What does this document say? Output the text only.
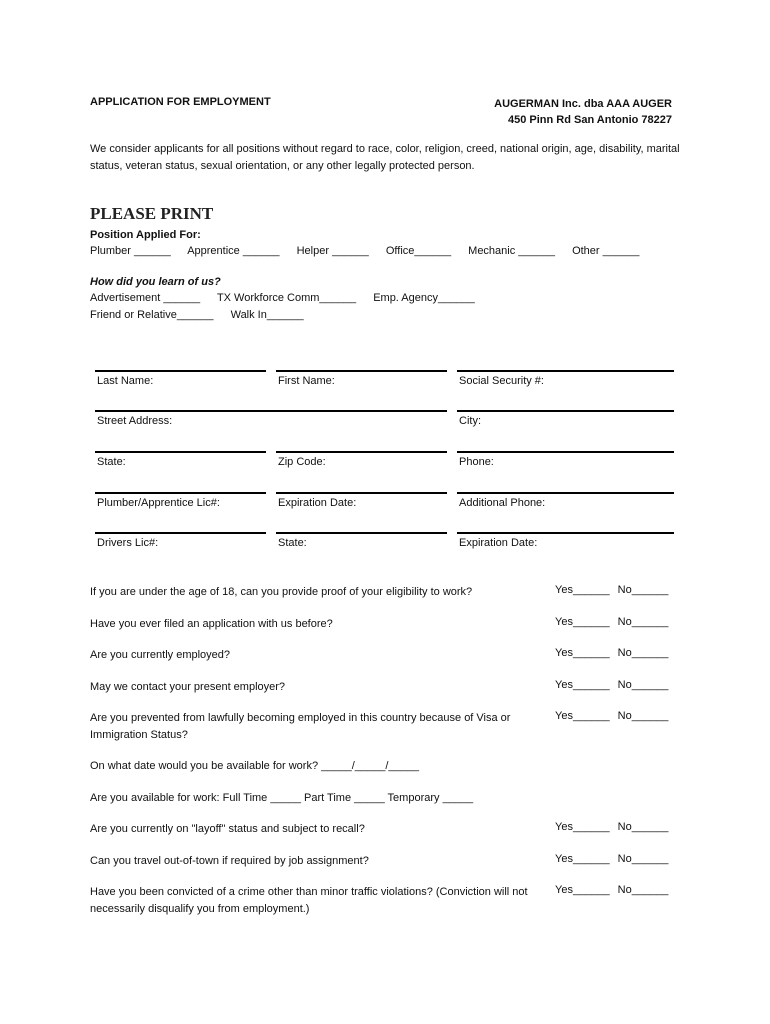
APPLICATION FOR EMPLOYMENT	AUGERMAN Inc. dba AAA AUGER
450 Pinn Rd San Antonio 78227
We consider applicants for all positions without regard to race, color, religion, creed, national origin, age, disability, marital status, veteran status, sexual orientation, or any other legally protected person.
PLEASE PRINT
Position Applied For:
Plumber ______ Apprentice ______ Helper ______ Office______ Mechanic ______ Other ______
How did you learn of us?
Advertisement ______ TX Workforce Comm______ Emp. Agency______
Friend or Relative______ Walk In______
Last Name:	First Name:	Social Security #:
Street Address:	City:
State:	Zip Code:	Phone:
Plumber/Apprentice Lic#:	Expiration Date:	Additional Phone:
Drivers Lic#:	State:	Expiration Date:
If you are under the age of 18, can you provide proof of your eligibility to work?	Yes______ No______
Have you ever filed an application with us before?	Yes______ No______
Are you currently employed?	Yes______ No______
May we contact your present employer?	Yes______ No______
Are you prevented from lawfully becoming employed in this country because of Visa or Immigration Status?
Yes______ No______
On what date would you be available for work? _____/_____/_____
Are you available for work: Full Time _____ Part Time _____ Temporary _____
Are you currently on "layoff" status and subject to recall?	Yes______ No______
Can you travel out-of-town if required by job assignment?	Yes______ No______
Have you been convicted of a crime other than minor traffic violations? (Conviction will not necessarily disqualify you from employment.)
Yes______ No______
